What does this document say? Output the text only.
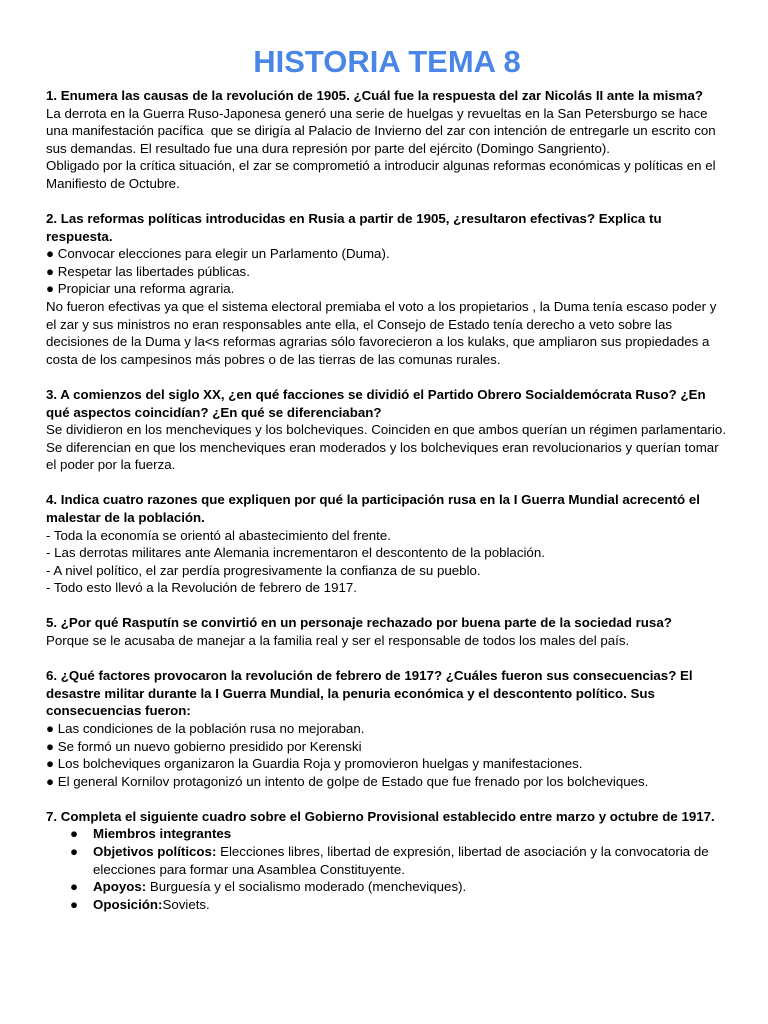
HISTORIA TEMA 8

1. Enumera las causas de la revolución de 1905. ¿Cuál fue la respuesta del zar Nicolás II ante la misma?

La derrota en la Guerra Ruso-Japonesa generó una serie de huelgas y revueltas en la San Petersburgo se hace una manifestación pacífica  que se dirigía al Palacio de Invierno del zar con intención de entregarle un escrito con sus demandas. El resultado fue una dura represión por parte del ejército (Domingo Sangriento).

Obligado por la crítica situación, el zar se comprometió a introducir algunas reformas económicas y políticas en el Manifiesto de Octubre.

2. Las reformas políticas introducidas en Rusia a partir de 1905, ¿resultaron efectivas? Explica tu respuesta.

● Convocar elecciones para elegir un Parlamento (Duma).

● Respetar las libertades públicas.

● Propiciar una reforma agraria.

No fueron efectivas ya que el sistema electoral premiaba el voto a los propietarios , la Duma tenía escaso poder y el zar y sus ministros no eran responsables ante ella, el Consejo de Estado tenía derecho a veto sobre las decisiones de la Duma y la<s reformas agrarias sólo favorecieron a los kulaks, que ampliaron sus propiedades a costa de los campesinos más pobres o de las tierras de las comunas rurales.

3. A comienzos del siglo XX, ¿en qué facciones se dividió el Partido Obrero Socialdemócrata Ruso? ¿En qué aspectos coincidían? ¿En qué se diferenciaban?

Se dividieron en los mencheviques y los bolcheviques. Coinciden en que ambos querían un régimen parlamentario. Se diferencian en que los mencheviques eran moderados y los bolcheviques eran revolucionarios y querían tomar el poder por la fuerza.

4. Indica cuatro razones que expliquen por qué la participación rusa en la I Guerra Mundial acrecentó el malestar de la población.

- Toda la economía se orientó al abastecimiento del frente.

- Las derrotas militares ante Alemania incrementaron el descontento de la población.

- A nivel político, el zar perdía progresivamente la confianza de su pueblo.

- Todo esto llevó a la Revolución de febrero de 1917.

5. ¿Por qué Rasputín se convirtió en un personaje rechazado por buena parte de la sociedad rusa?

Porque se le acusaba de manejar a la familia real y ser el responsable de todos los males del país.

6. ¿Qué factores provocaron la revolución de febrero de 1917? ¿Cuáles fueron sus consecuencias? El desastre militar durante la I Guerra Mundial, la penuria económica y el descontento político. Sus consecuencias fueron:

● Las condiciones de la población rusa no mejoraban.

● Se formó un nuevo gobierno presidido por Kerenski

● Los bolcheviques organizaron la Guardia Roja y promovieron huelgas y manifestaciones.

● El general Kornilov protagonizó un intento de golpe de Estado que fue frenado por los bolcheviques.

7. Completa el siguiente cuadro sobre el Gobierno Provisional establecido entre marzo y octubre de 1917.

● Miembros integrantes
● Objetivos políticos: Elecciones libres, libertad de expresión, libertad de asociación y la convocatoria de elecciones para formar una Asamblea Constituyente.
● Apoyos: Burguesía y el socialismo moderado (mencheviques).
● Oposición:Soviets.
